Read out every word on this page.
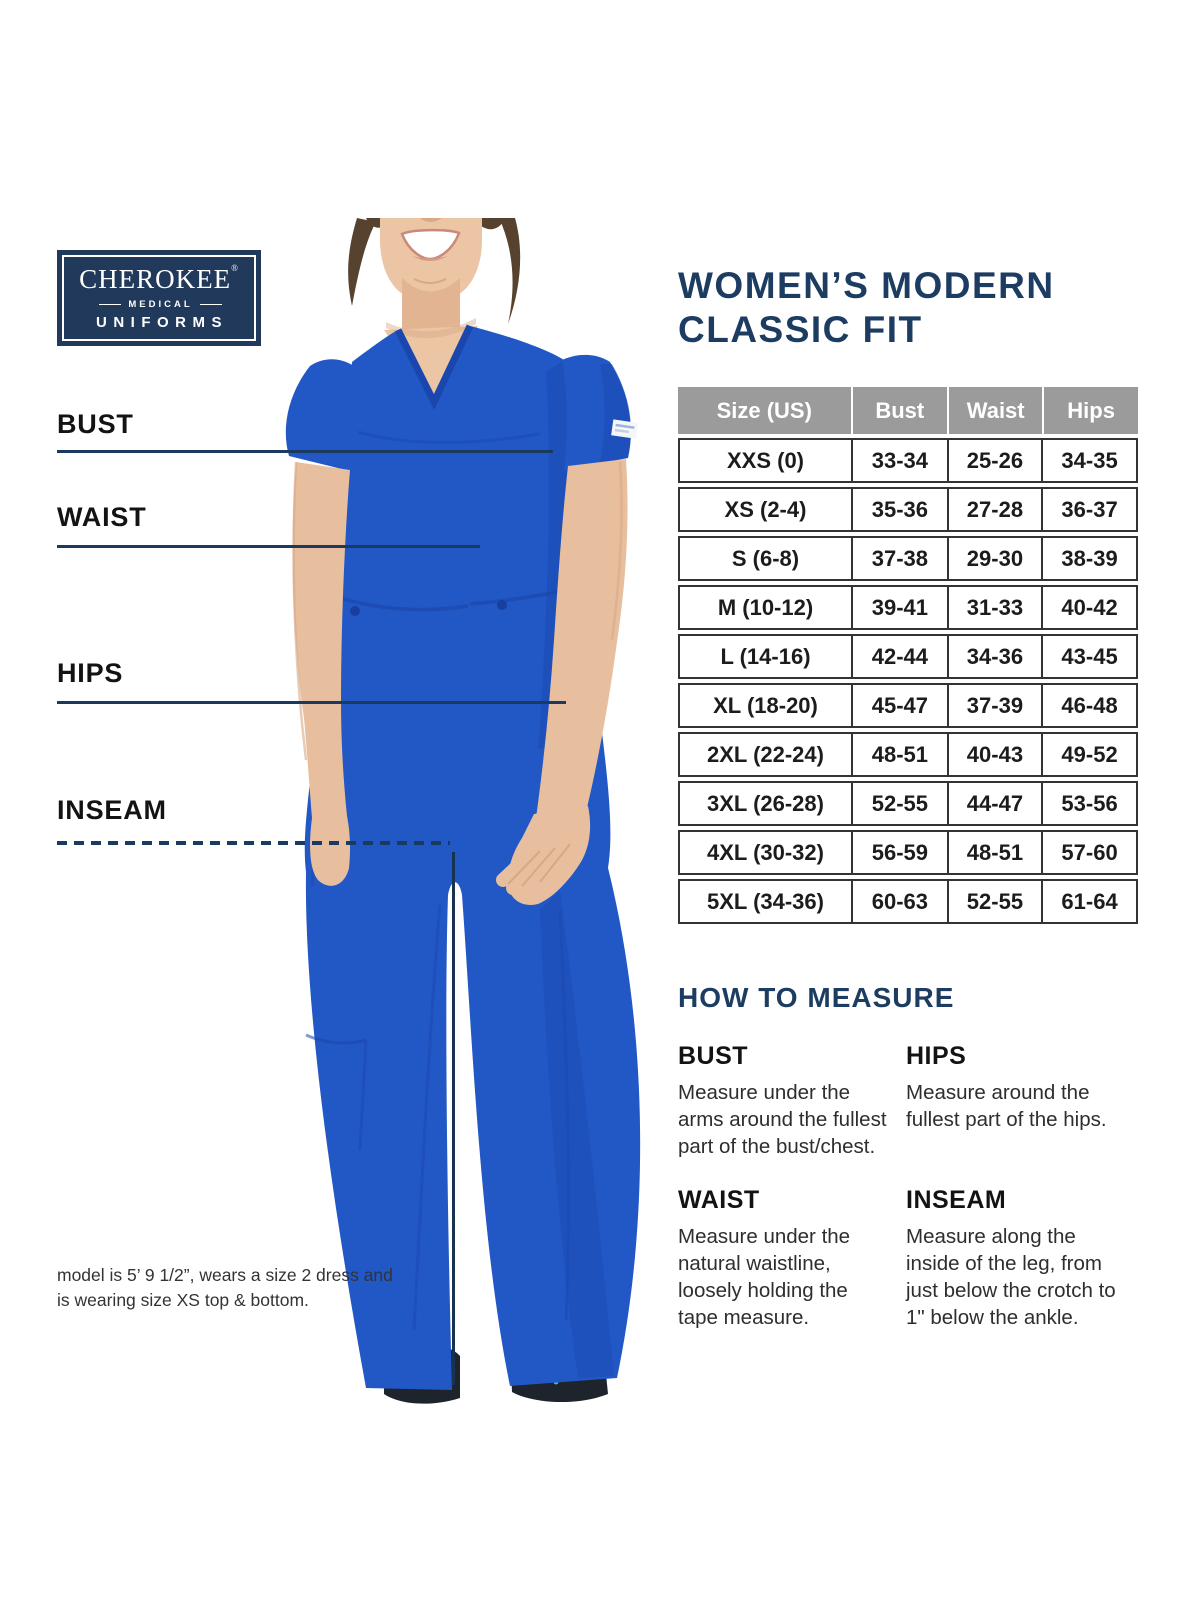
CHEROKEE®
MEDICAL
UNIFORMS
BUST
WAIST
HIPS
INSEAM
WOMEN’S MODERN
CLASSIC FIT
Size (US)	Bust	Waist	Hips
XXS (0)	33-34	25-26	34-35
XS (2-4)	35-36	27-28	36-37
S (6-8)	37-38	29-30	38-39
M (10-12)	39-41	31-33	40-42
L (14-16)	42-44	34-36	43-45
XL (18-20)	45-47	37-39	46-48
2XL (22-24)	48-51	40-43	49-52
3XL (26-28)	52-55	44-47	53-56
4XL (30-32)	56-59	48-51	57-60
5XL (34-36)	60-63	52-55	61-64
HOW TO MEASURE
BUST

Measure under the arms around the fullest part of the bust/chest.

HIPS

Measure around the fullest part of the hips.

WAIST

Measure under the natural waistline, loosely holding the tape measure.

INSEAM

Measure along the inside of the leg, from just below the crotch to 1" below the ankle.

model is 5’ 9 1/2”, wears a size 2 dress and is wearing size XS top & bottom.
